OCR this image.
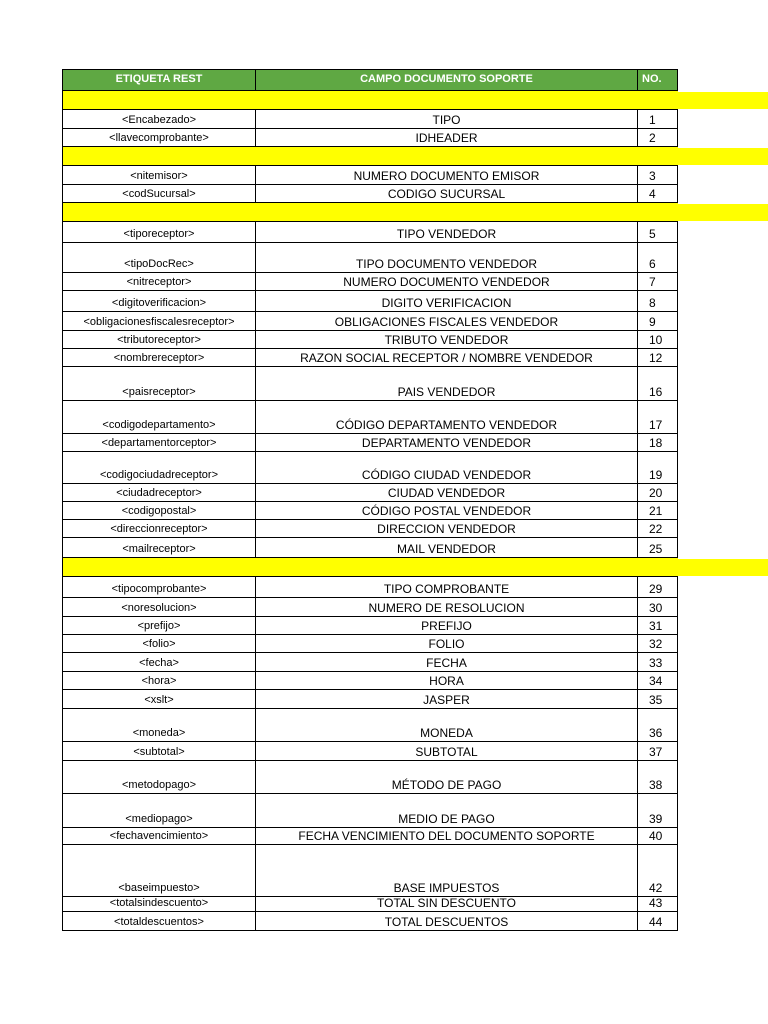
ETIQUETA REST	CAMPO DOCUMENTO SOPORTE	NO.

<Encabezado>	TIPO	1
<llavecomprobante>	IDHEADER	2

<nitemisor>	NUMERO DOCUMENTO EMISOR	3
<codSucursal>	CODIGO SUCURSAL	4

<tiporeceptor>	TIPO VENDEDOR	5
<tipoDocRec>	TIPO DOCUMENTO VENDEDOR	6
<nitreceptor>	NUMERO DOCUMENTO VENDEDOR	7
<digitoverificacion>	DIGITO VERIFICACION	8
<obligacionesfiscalesreceptor>	OBLIGACIONES FISCALES VENDEDOR	9
<tributoreceptor>	TRIBUTO VENDEDOR	10
<nombrereceptor>	RAZON SOCIAL RECEPTOR / NOMBRE VENDEDOR	12
<paisreceptor>	PAIS VENDEDOR	16
<codigodepartamento>	CÓDIGO DEPARTAMENTO VENDEDOR	17
<departamentorceptor>	DEPARTAMENTO VENDEDOR	18
<codigociudadreceptor>	CÓDIGO CIUDAD VENDEDOR	19
<ciudadreceptor>	CIUDAD VENDEDOR	20
<codigopostal>	CÓDIGO POSTAL VENDEDOR	21
<direccionreceptor>	DIRECCION VENDEDOR	22
<mailreceptor>	MAIL VENDEDOR	25

<tipocomprobante>	TIPO COMPROBANTE	29
<noresolucion>	NUMERO DE RESOLUCION	30
<prefijo>	PREFIJO	31
<folio>	FOLIO	32
<fecha>	FECHA	33
<hora>	HORA	34
<xslt>	JASPER	35
<moneda>	MONEDA	36
<subtotal>	SUBTOTAL	37
<metodopago>	MÉTODO DE PAGO	38
<mediopago>	MEDIO DE PAGO	39
<fechavencimiento>	FECHA VENCIMIENTO DEL DOCUMENTO SOPORTE	40
<baseimpuesto>	BASE IMPUESTOS	42
<totalsindescuento>	TOTAL SIN DESCUENTO	43
<totaldescuentos>	TOTAL DESCUENTOS	44
